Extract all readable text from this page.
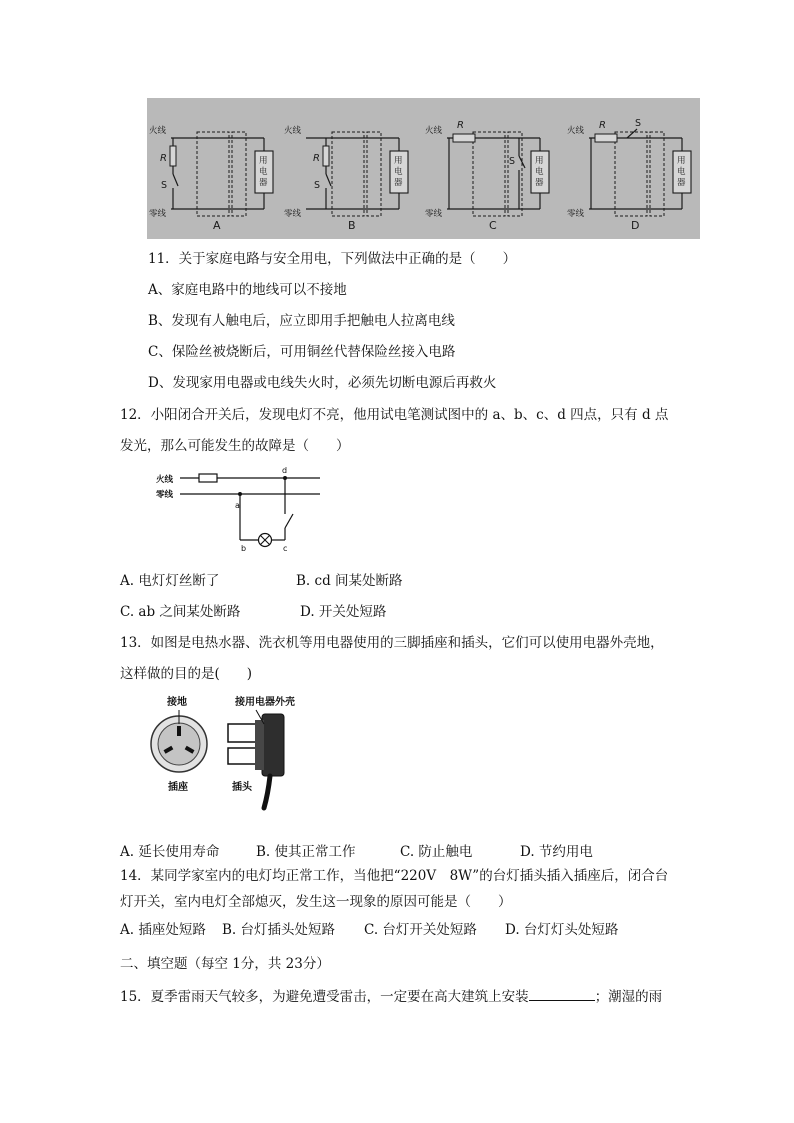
火线
零线
用
电
器
A
R
S
火线
零线
用
电
器
B
R
S
火线
零线
用
电
器
C
R
S
火线
零线
用
电
器
D
R	S
11．关于家庭电路与安全用电，下列做法中正确的是（　　）
A、家庭电路中的地线可以不接地
B、发现有人触电后，应立即用手把触电人拉离电线
C、保险丝被烧断后，可用铜丝代替保险丝接入电路
D、发现家用电器或电线失火时，必须先切断电源后再救火
12．小阳闭合开关后，发现电灯不亮，他用试电笔测试图中的 a、b、c、d 四点，只有 d 点
发光，那么可能发生的故障是（　　）
火线
零线
a
b	c
d
A. 电灯灯丝断了	B. cd 间某处断路
C. ab 之间某处断路	D. 开关处短路
13．如图是电热水器、洗衣机等用电器使用的三脚插座和插头，它们可以使用电器外壳地，
这样做的目的是(　　)
接地	接用电器外壳
插座	插头
A. 延长使用寿命	B. 使其正常工作	C. 防止触电	D. 节约用电
14．某同学家室内的电灯均正常工作，当他把“220V　8W”的台灯插头插入插座后，闭合台
灯开关，室内电灯全部熄灭，发生这一现象的原因可能是（　　）
A. 插座处短路 B. 台灯插头处短路 C. 台灯开关处短路 D. 台灯灯头处短路
二、填空题（每空 1分，共 23分）
15．夏季雷雨天气较多，为避免遭受雷击，一定要在高大建筑上安装	；潮湿的雨
